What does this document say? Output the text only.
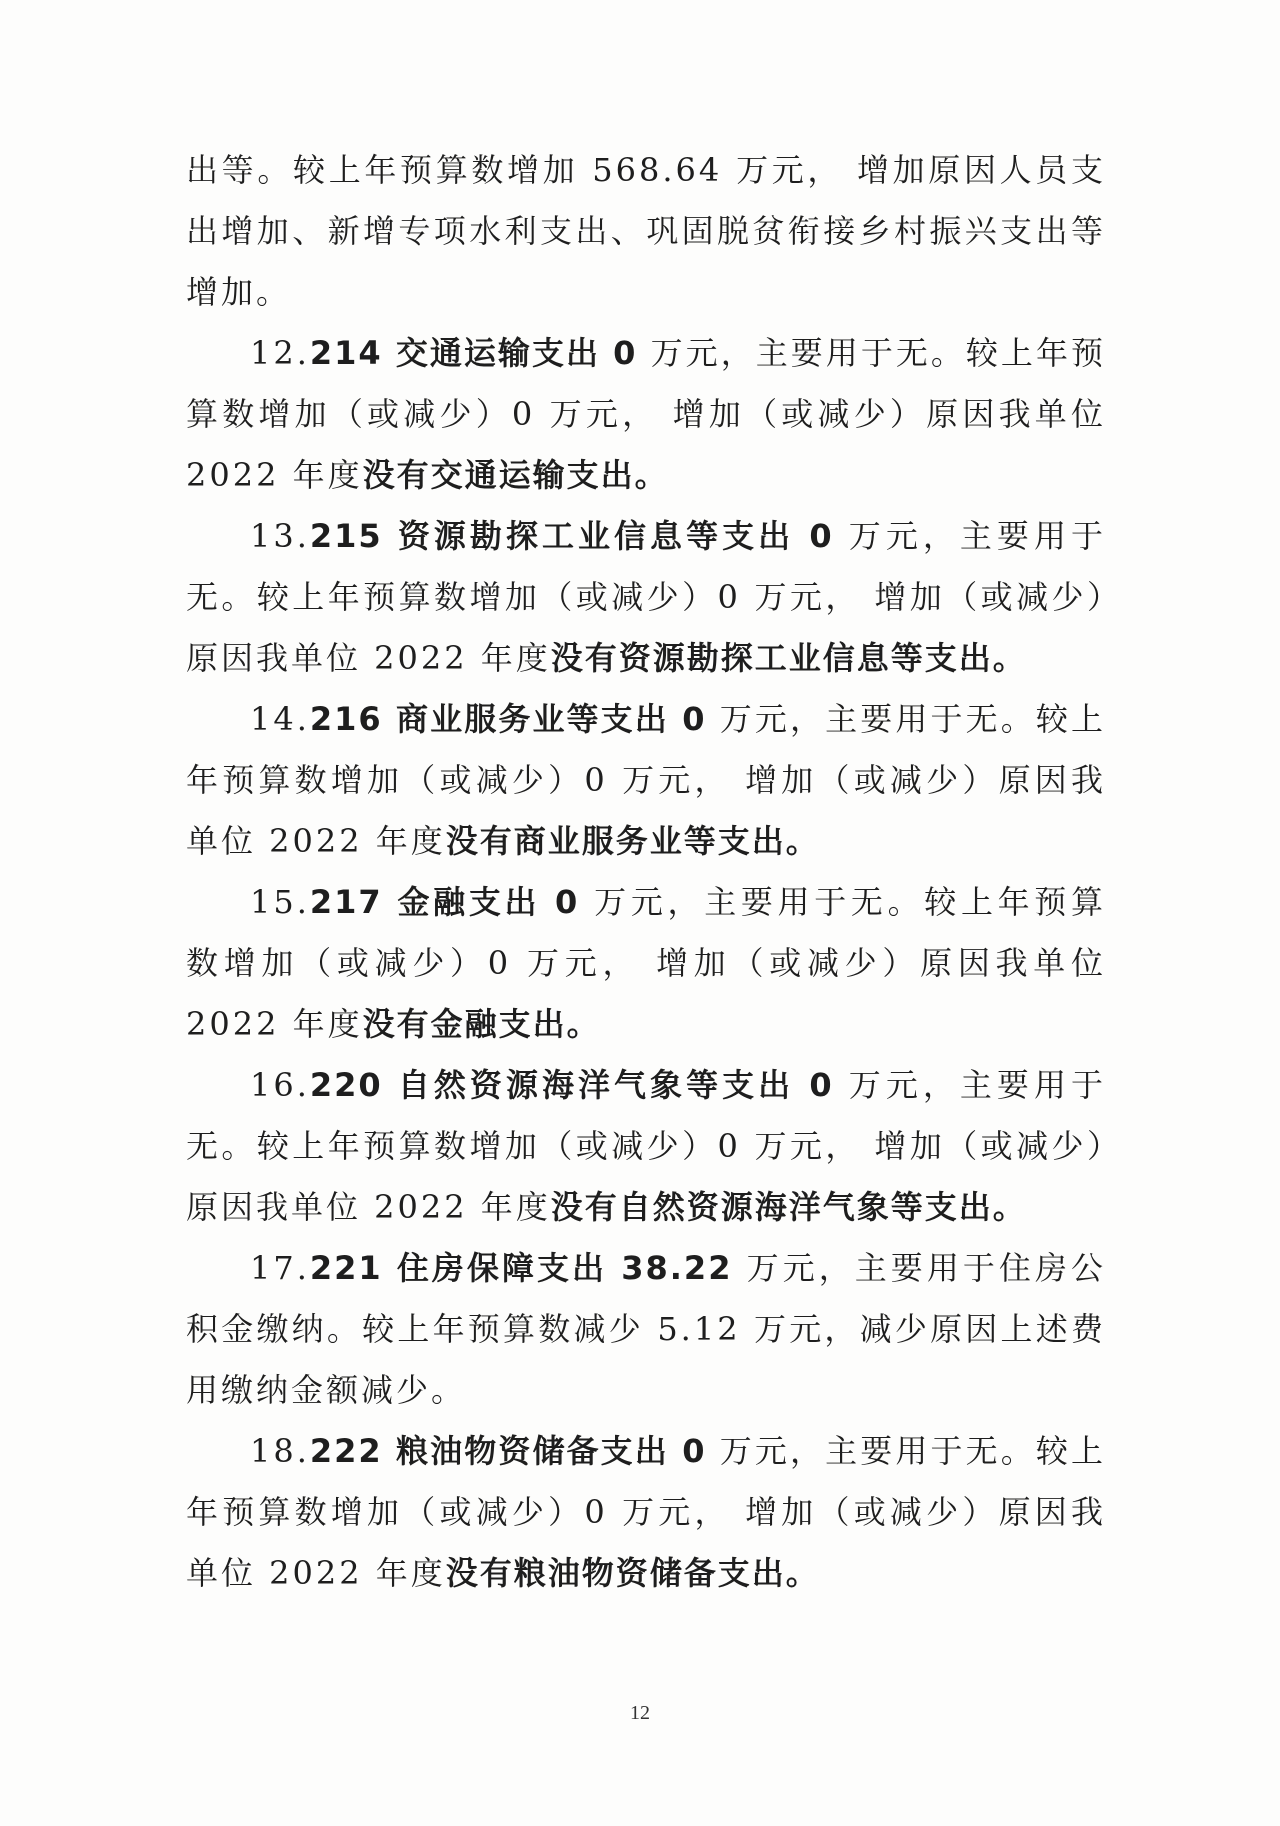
出等。较上年预算数增加 568.64 万元， 增加原因人员支出增加、新增专项水利支出、巩固脱贫衔接乡村振兴支出等增加。

12.214 交通运输支出 0 万元，主要用于无。较上年预算数增加（或减少）0 万元， 增加（或减少）原因我单位 2022 年度没有交通运输支出。

13.215 资源勘探工业信息等支出 0 万元，主要用于无。较上年预算数增加（或减少）0 万元， 增加（或减少）原因我单位 2022 年度没有资源勘探工业信息等支出。

14.216 商业服务业等支出 0 万元，主要用于无。较上年预算数增加（或减少）0 万元， 增加（或减少）原因我单位 2022 年度没有商业服务业等支出。

15.217 金融支出 0 万元，主要用于无。较上年预算数增加（或减少）0 万元， 增加（或减少）原因我单位 2022 年度没有金融支出。

16.220 自然资源海洋气象等支出 0 万元，主要用于无。较上年预算数增加（或减少）0 万元， 增加（或减少）原因我单位 2022 年度没有自然资源海洋气象等支出。

17.221 住房保障支出 38.22 万元，主要用于住房公积金缴纳。较上年预算数减少 5.12 万元，减少原因上述费用缴纳金额减少。

18.222 粮油物资储备支出 0 万元，主要用于无。较上年预算数增加（或减少）0 万元， 增加（或减少）原因我单位 2022 年度没有粮油物资储备支出。

12
